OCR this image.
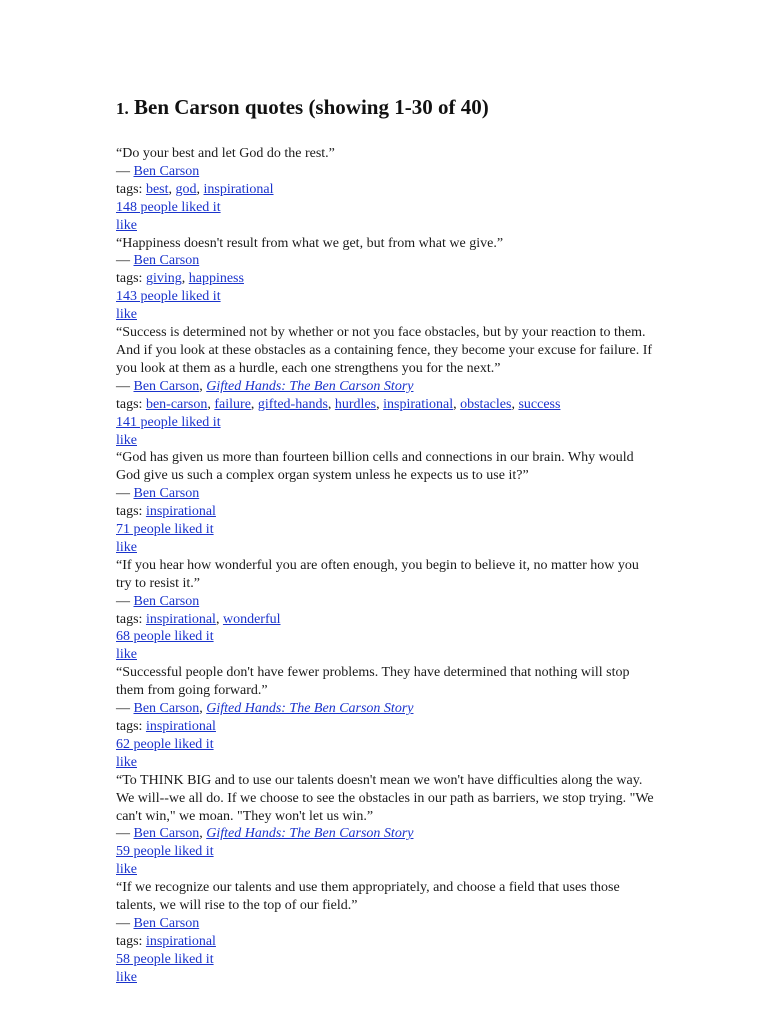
1. Ben Carson quotes (showing 1-30 of 40)
“Do your best and let God do the rest.”
— Ben Carson
tags: best, god, inspirational
148 people liked it
like
“Happiness doesn't result from what we get, but from what we give.”
— Ben Carson
tags: giving, happiness
143 people liked it
like
“Success is determined not by whether or not you face obstacles, but by your reaction to them. And if you look at these obstacles as a containing fence, they become your excuse for failure. If you look at them as a hurdle, each one strengthens you for the next.”
— Ben Carson, Gifted Hands: The Ben Carson Story
tags: ben-carson, failure, gifted-hands, hurdles, inspirational, obstacles, success
141 people liked it
like
“God has given us more than fourteen billion cells and connections in our brain. Why would God give us such a complex organ system unless he expects us to use it?”
— Ben Carson
tags: inspirational
71 people liked it
like
“If you hear how wonderful you are often enough, you begin to believe it, no matter how you try to resist it.”
— Ben Carson
tags: inspirational, wonderful
68 people liked it
like
“Successful people don't have fewer problems. They have determined that nothing will stop them from going forward.”
— Ben Carson, Gifted Hands: The Ben Carson Story
tags: inspirational
62 people liked it
like
“To THINK BIG and to use our talents doesn't mean we won't have difficulties along the way. We will--we all do. If we choose to see the obstacles in our path as barriers, we stop trying. "We can't win," we moan. "They won't let us win.”
— Ben Carson, Gifted Hands: The Ben Carson Story
59 people liked it
like
“If we recognize our talents and use them appropriately, and choose a field that uses those talents, we will rise to the top of our field.”
— Ben Carson
tags: inspirational
58 people liked it
like
